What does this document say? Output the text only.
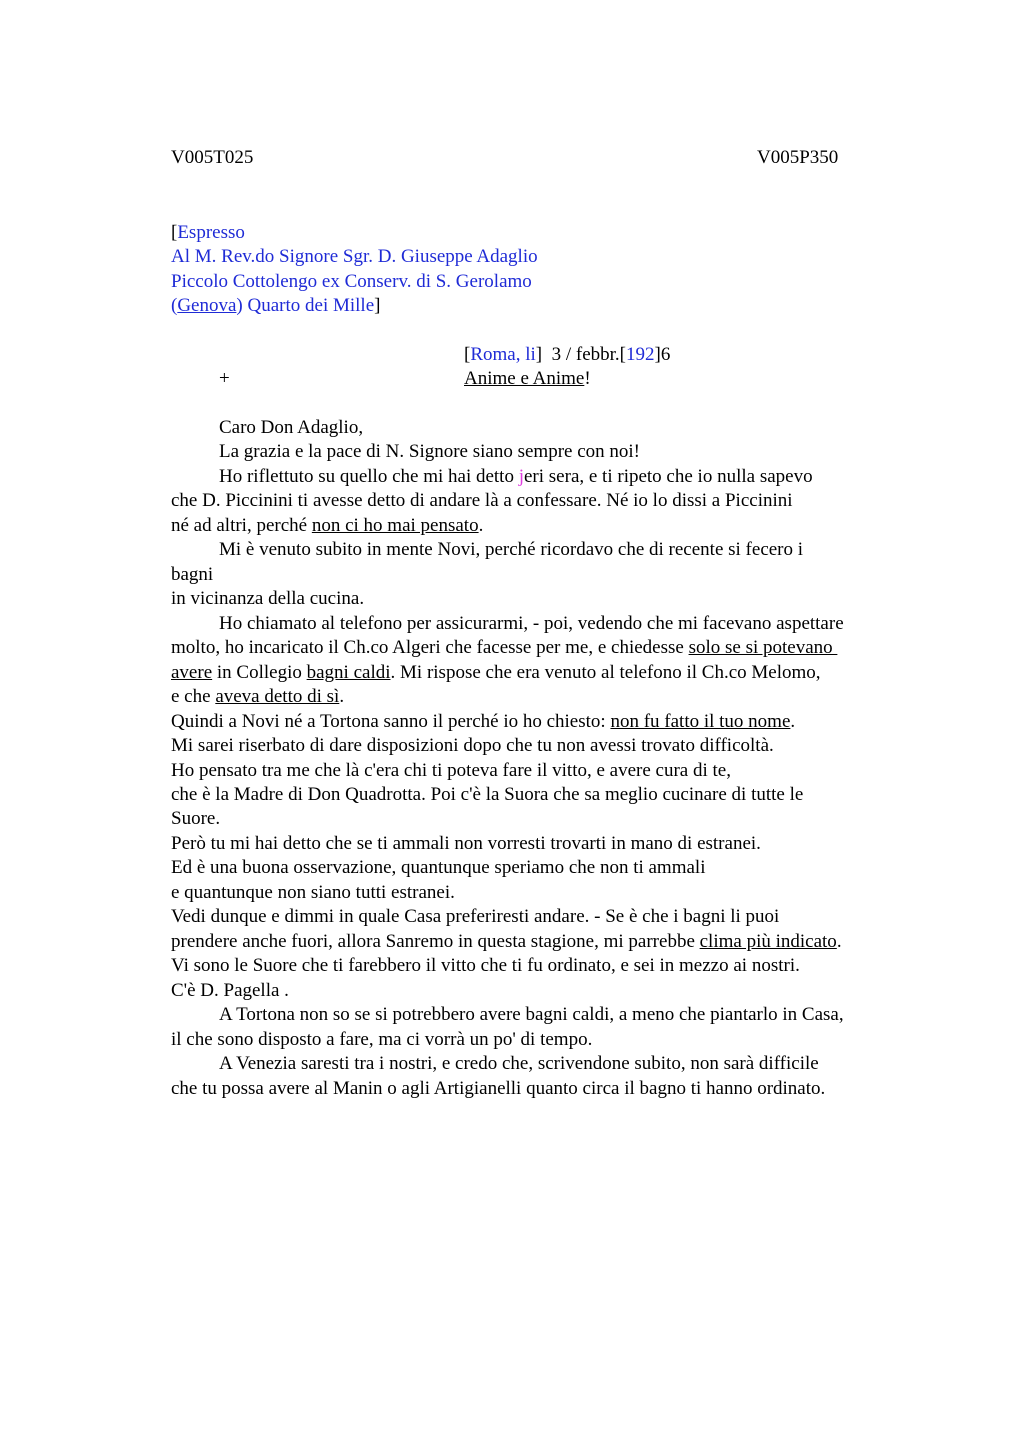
V005T025	V005P350
[Espresso
Al M. Rev.do Signore Sgr. D. Giuseppe Adaglio
Piccolo Cottolengo ex Conserv. di S. Gerolamo
(Genova) Quarto dei Mille]
[Roma, li]  3 / febbr.[192]6
+	Anime e Anime!
Caro Don Adaglio,
La grazia e la pace di N. Signore siano sempre con noi!
Ho riflettuto su quello che mi hai detto jeri sera, e ti ripeto che io nulla sapevo
che D. Piccinini ti avesse detto di andare là a confessare. Né io lo dissi a Piccinini
né ad altri, perché non ci ho mai pensato.
Mi è venuto subito in mente Novi, perché ricordavo che di recente si fecero i
bagni
in vicinanza della cucina.
Ho chiamato al telefono per assicurarmi, - poi, vedendo che mi facevano aspettare
molto, ho incaricato il Ch.co Algeri che facesse per me, e chiedesse solo se si potevano
avere in Collegio bagni caldi. Mi rispose che era venuto al telefono il Ch.co Melomo,
e che aveva detto di sì.
Quindi a Novi né a Tortona sanno il perché io ho chiesto: non fu fatto il tuo nome.
Mi sarei riserbato di dare disposizioni dopo che tu non avessi trovato difficoltà.
Ho pensato tra me che là c'era chi ti poteva fare il vitto, e avere cura di te,
che è la Madre di Don Quadrotta. Poi c'è la Suora che sa meglio cucinare di tutte le
Suore.
Però tu mi hai detto che se ti ammali non vorresti trovarti in mano di estranei.
Ed è una buona osservazione, quantunque speriamo che non ti ammali
e quantunque non siano tutti estranei.
Vedi dunque e dimmi in quale Casa preferiresti andare. - Se è che i bagni li puoi
prendere anche fuori, allora Sanremo in questa stagione, mi parrebbe clima più indicato.
Vi sono le Suore che ti farebbero il vitto che ti fu ordinato, e sei in mezzo ai nostri.
C'è D. Pagella .
A Tortona non so se si potrebbero avere bagni caldi, a meno che piantarlo in Casa,
il che sono disposto a fare, ma ci vorrà un po' di tempo.
A Venezia saresti tra i nostri, e credo che, scrivendone subito, non sarà difficile
che tu possa avere al Manin o agli Artigianelli quanto circa il bagno ti hanno ordinato.
